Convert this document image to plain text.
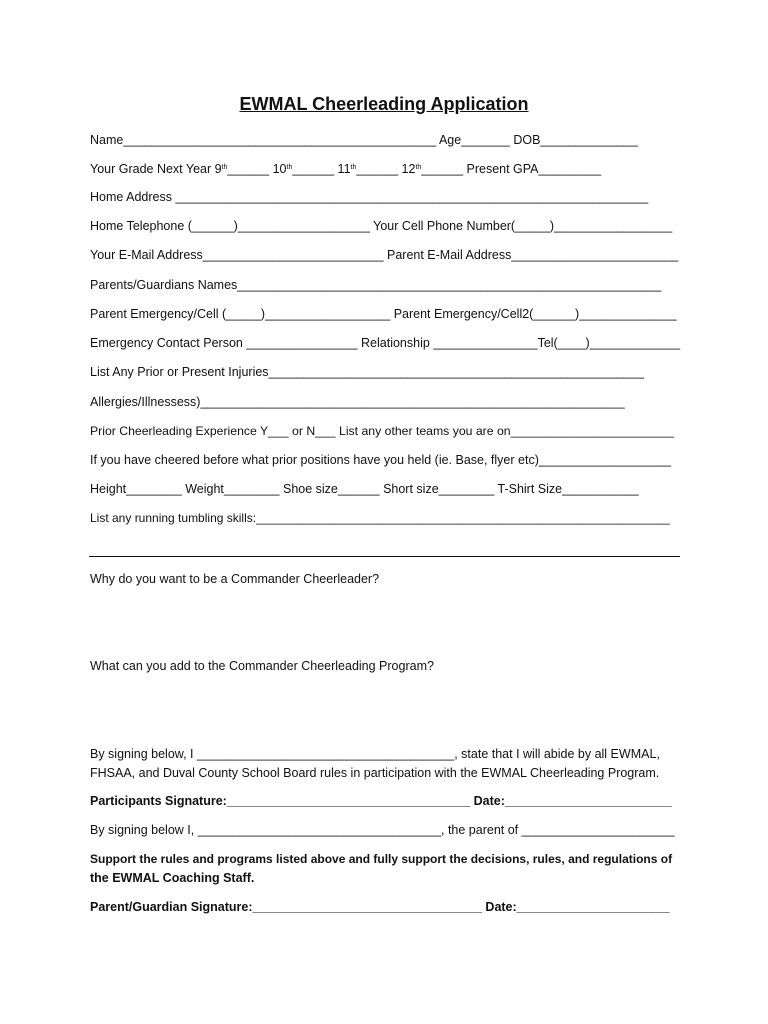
EWMAL Cheerleading Application
Name_____________________________________________ Age_______ DOB______________
Your Grade Next Year 9th______ 10th______ 11th______ 12th______ Present GPA_________
Home Address ____________________________________________________________________
Home Telephone (______)___________________ Your Cell Phone Number(_____)_________________
Your E-Mail Address__________________________ Parent E-Mail Address________________________
Parents/Guardians Names_____________________________________________________________
Parent Emergency/Cell (_____)__________________ Parent Emergency/Cell2(______)______________
Emergency Contact Person ________________ Relationship _______________Tel(____)_____________
List Any Prior or Present Injuries______________________________________________________
Allergies/Illnessess)_____________________________________________________________
Prior Cheerleading Experience Y___ or N___ List any other teams you are on________________________
If you have cheered before what prior positions have you held (ie. Base, flyer etc)___________________
Height________ Weight________ Shoe size______ Short size________ T-Shirt Size___________
List any running tumbling skills:______________________________________________________________
Why do you want to be a Commander Cheerleader?
What can you add to the Commander Cheerleading Program?
By signing below, I _____________________________________, state that I will abide by all EWMAL,
FHSAA, and Duval County School Board rules in participation with the EWMAL Cheerleading Program.
Participants Signature:___________________________________ Date:________________________
By signing below I, ___________________________________, the parent of ______________________
Support the rules and programs listed above and fully support the decisions, rules, and regulations of
the EWMAL Coaching Staff.
Parent/Guardian Signature:_________________________________ Date:______________________
